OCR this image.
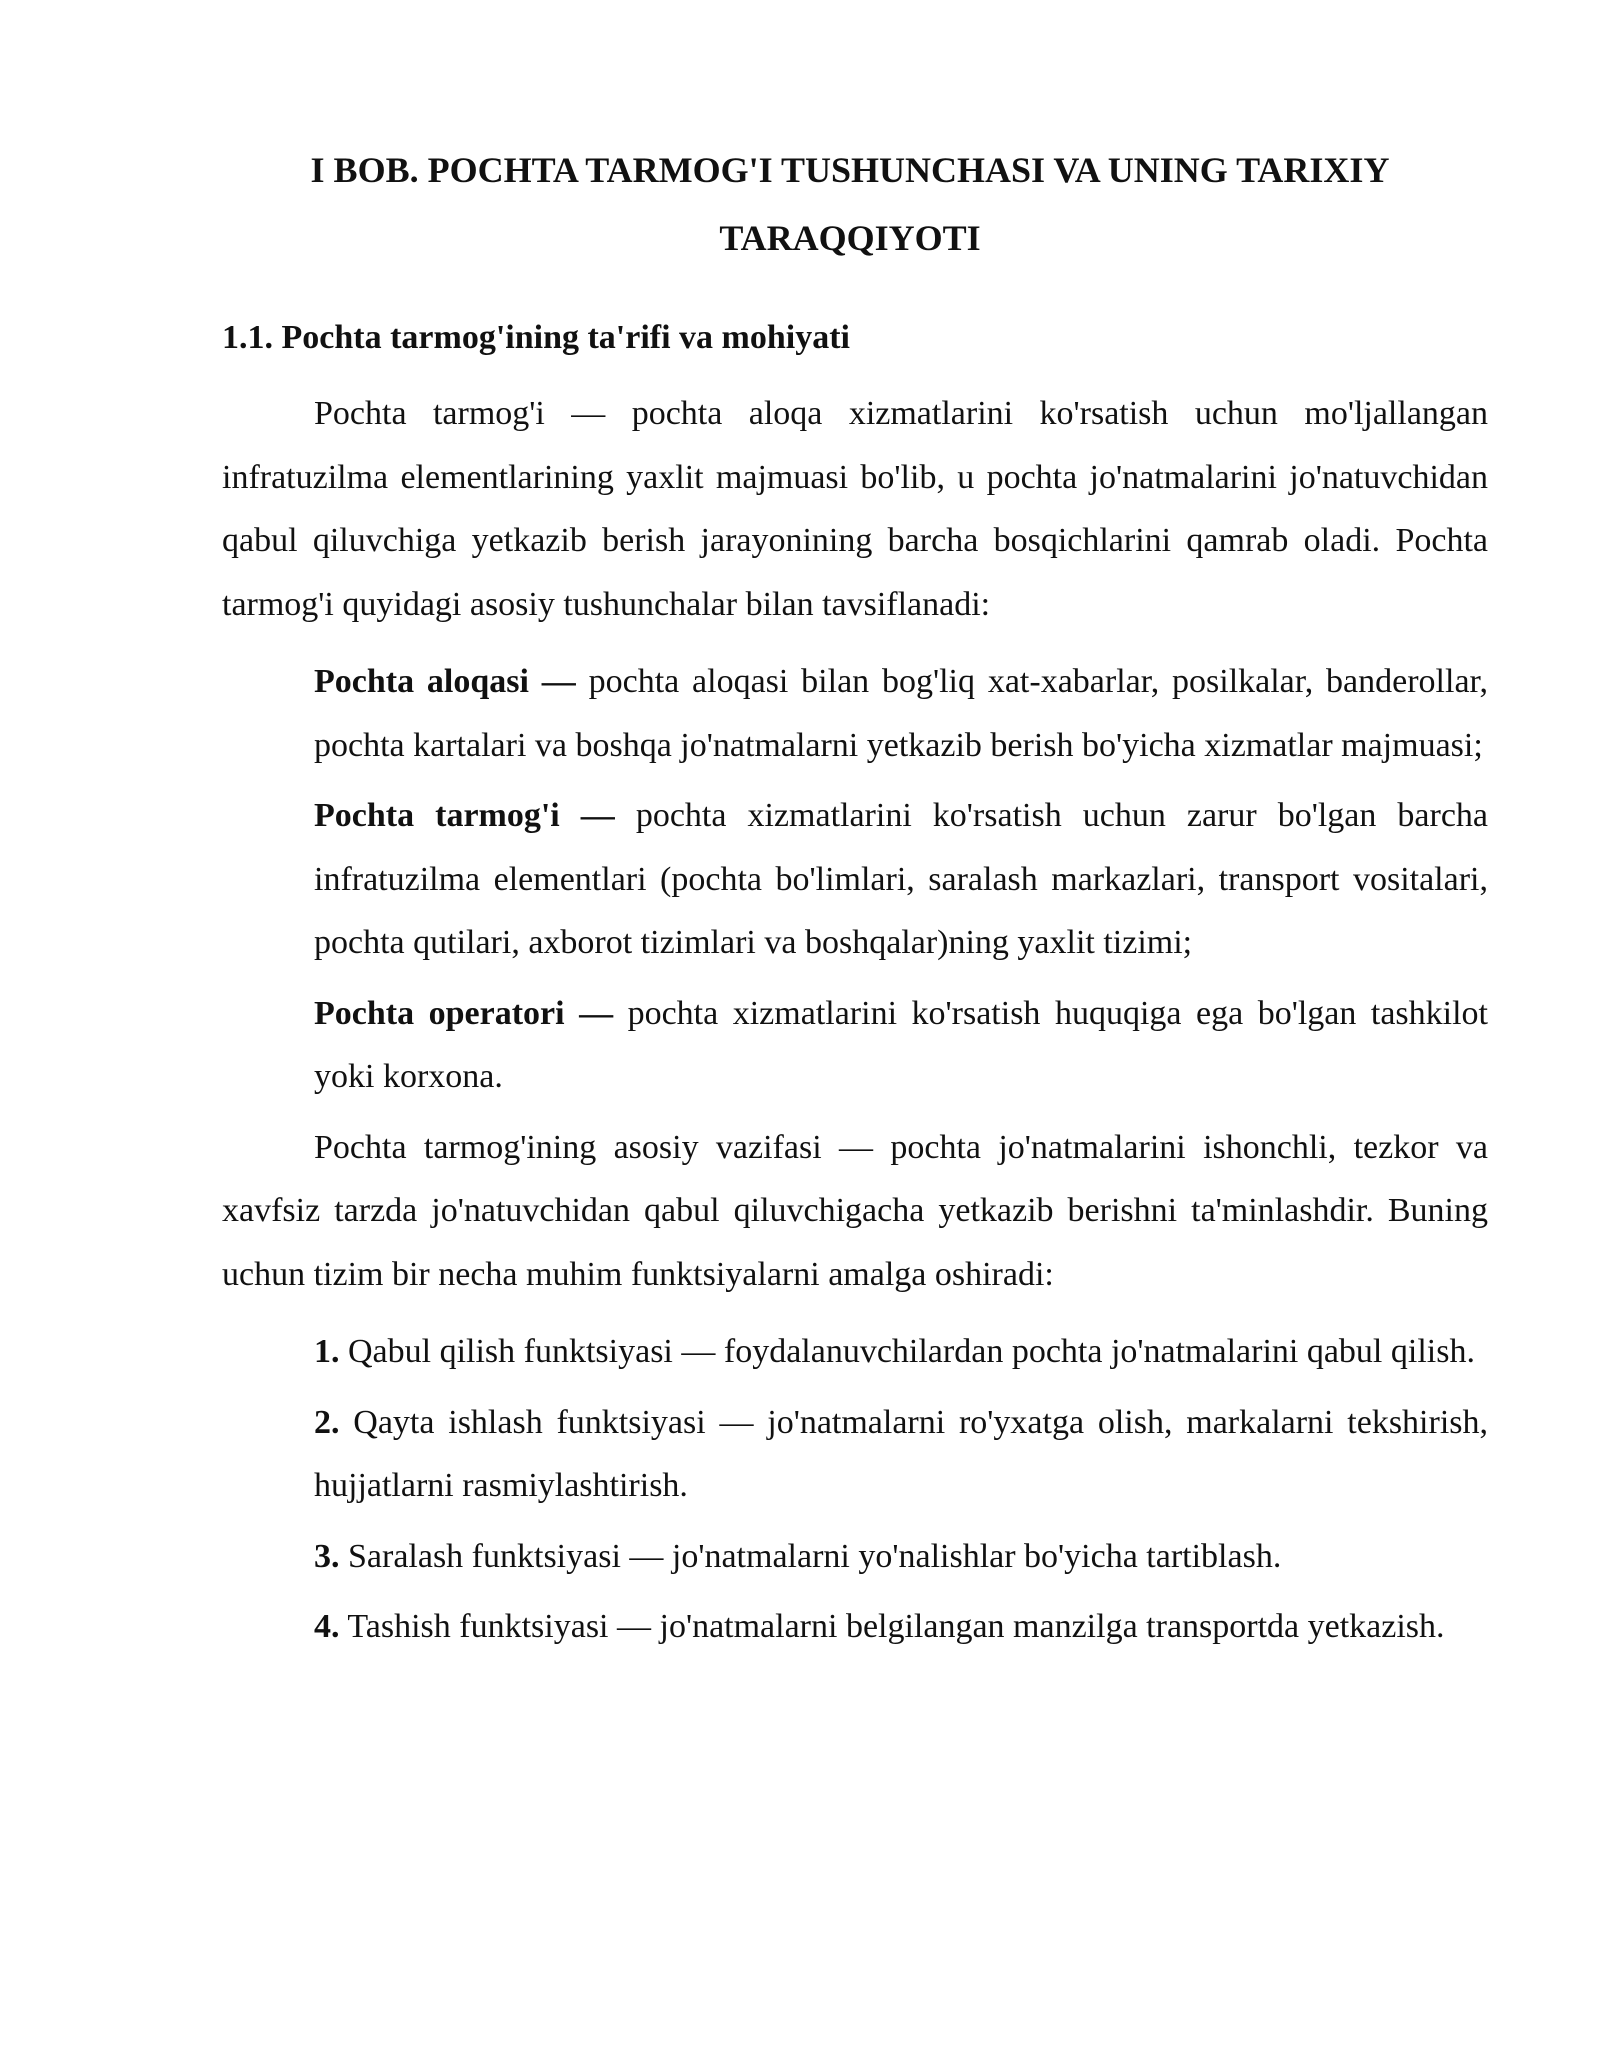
I BOB. POCHTA TARMOG'I TUSHUNCHASI VA UNING TARIXIY
TARAQQIYOTI
1.1. Pochta tarmog'ining ta'rifi va mohiyati

Pochta tarmog'i — pochta aloqa xizmatlarini ko'rsatish uchun mo'ljallangan infratuzilma elementlarining yaxlit majmuasi bo'lib, u pochta jo'natmalarini jo'natuvchidan qabul qiluvchiga yetkazib berish jarayonining barcha bosqichlarini qamrab oladi. Pochta tarmog'i quyidagi asosiy tushunchalar bilan tavsiflanadi:

Pochta aloqasi — pochta aloqasi bilan bog'liq xat-xabarlar, posilkalar, banderollar, pochta kartalari va boshqa jo'natmalarni yetkazib berish bo'yicha xizmatlar majmuasi;

Pochta tarmog'i — pochta xizmatlarini ko'rsatish uchun zarur bo'lgan barcha infratuzilma elementlari (pochta bo'limlari, saralash markazlari, transport vositalari, pochta qutilari, axborot tizimlari va boshqalar)ning yaxlit tizimi;

Pochta operatori — pochta xizmatlarini ko'rsatish huquqiga ega bo'lgan tashkilot yoki korxona.

Pochta tarmog'ining asosiy vazifasi — pochta jo'natmalarini ishonchli, tezkor va xavfsiz tarzda jo'natuvchidan qabul qiluvchigacha yetkazib berishni ta'minlashdir. Buning uchun tizim bir necha muhim funktsiyalarni amalga oshiradi:

1. Qabul qilish funktsiyasi — foydalanuvchilardan pochta jo'natmalarini qabul qilish.

2. Qayta ishlash funktsiyasi — jo'natmalarni ro'yxatga olish, markalarni tekshirish, hujjatlarni rasmiylashtirish.

3. Saralash funktsiyasi — jo'natmalarni yo'nalishlar bo'yicha tartiblash.

4. Tashish funktsiyasi — jo'natmalarni belgilangan manzilga transportda yetkazish.
